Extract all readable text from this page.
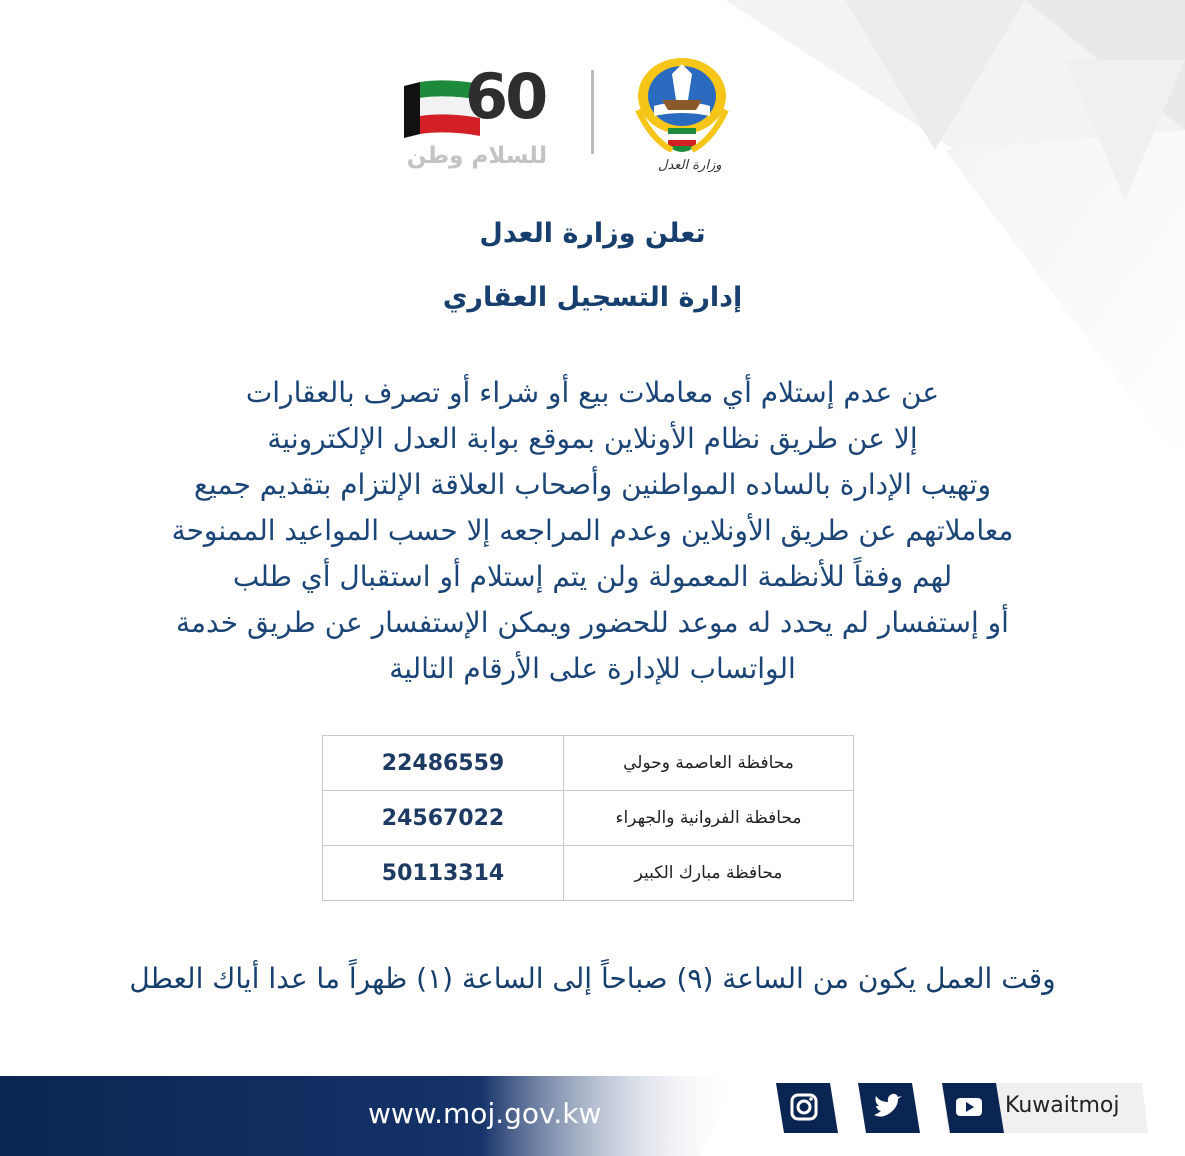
60
للسلام وطن	وزارة العدل
تعلن وزارة العدل
إدارة التسجيل العقاري
عن عدم إستلام أي معاملات بيع أو شراء أو تصرف بالعقارات
إلا عن طريق نظام الأونلاين بموقع بوابة العدل الإلكترونية
وتهيب الإدارة بالساده المواطنين وأصحاب العلاقة الإلتزام بتقديم جميع
معاملاتهم عن طريق الأونلاين وعدم المراجعه إلا حسب المواعيد الممنوحة
لهم وفقاً للأنظمة المعمولة ولن يتم إستلام أو استقبال أي طلب
أو إستفسار لم يحدد له موعد للحضور ويمكن الإستفسار عن طريق خدمة
الواتساب للإدارة على الأرقام التالية
22486559	محافظة العاصمة وحولي
24567022	محافظة الفروانية والجهراء
50113314	محافظة مبارك الكبير
وقت العمل يكون من الساعة (٩) صباحاً إلى الساعة (١) ظهراً ما عدا أياك العطل
www.moj.gov.kw	Kuwaitmoj
